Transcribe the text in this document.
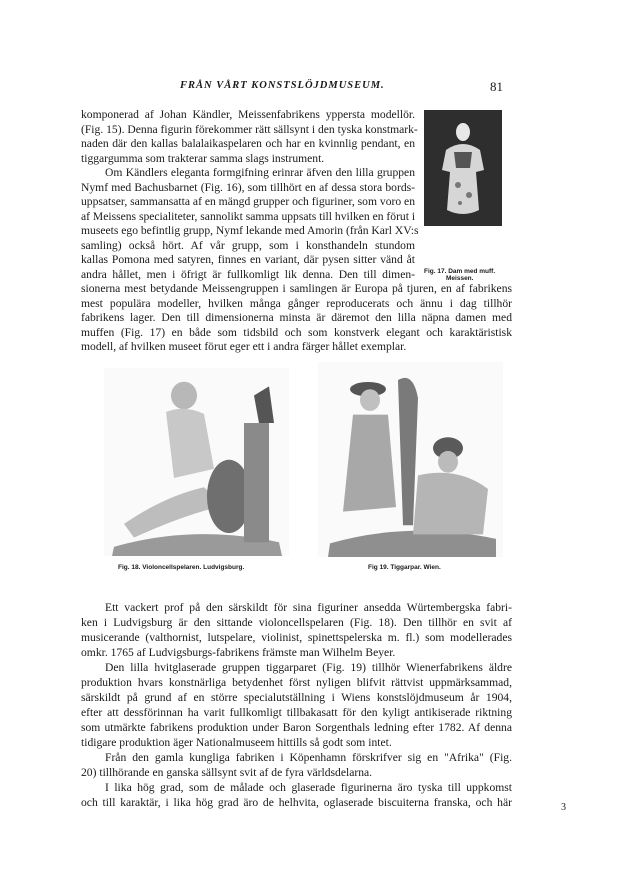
FRÅN VÅRT KONSTSLÖJDMUSEUM.	81
komponerad af Johan Kändler, Meissenfabrikens yppersta modellör.
(Fig. 15). Denna figurin förekommer rätt sällsynt i den tyska konstmark-
naden där den kallas balalaikaspelaren och har en kvinnlig pendant, en
tiggargumma som trakterar samma slags instrument.
Om Kändlers eleganta formgifning erinrar äfven den lilla gruppen
Nymf med Bachusbarnet (Fig. 16), som tillhört en af dessa stora bords-
uppsatser, sammansatta af en mängd grupper och figuriner, som voro en
af Meissens specialiteter, sannolikt samma uppsats till hvilken en förut i
museets ego befintlig grupp, Nymf lekande med Amorin (från Karl XV:s
samling) också hört. Af vår grupp, som i konsthandeln stundom
kallas Pomona med satyren, finnes en variant, där pysen sitter vänd åt
andra hållet, men i öfrigt är fullkomligt lik denna. Den till dimen-
sionerna mest betydande Meissengruppen i samlingen är Europa på tjuren, en af fabrikens
mest populära modeller, hvilken många gånger reproducerats och ännu i dag tillhör
fabrikens lager. Den till dimensionerna minsta är däremot den lilla näpna damen med
muffen (Fig. 17) en både som tidsbild och som konstverk elegant och karaktäristisk
modell, af hvilken museet förut eger ett i andra färger hållet exemplar.
Fig. 17. Dam med muff.
Meissen.
Fig. 18. Violoncellspelaren. Ludvigsburg.	Fig 19. Tiggarpar. Wien.
Ett vackert prof på den särskildt för sina figuriner ansedda Würtembergska fabri-
ken i Ludvigsburg är den sittande violoncellspelaren (Fig. 18). Den tillhör en svit af
musicerande (valthornist, lutspelare, violinist, spinettspelerska m. fl.) som modellerades
omkr. 1765 af Ludvigsburgs-fabrikens främste man Wilhelm Beyer.
Den lilla hvitglaserade gruppen tiggarparet (Fig. 19) tillhör Wienerfabrikens äldre
produktion hvars konstnärliga betydenhet först nyligen blifvit rättvist uppmärksammad,
särskildt på grund af en större specialutställning i Wiens konstslöjdmuseum år 1904,
efter att dessförinnan ha varit fullkomligt tillbakasatt för den kyligt antikiserade riktning
som utmärkte fabrikens produktion under Baron Sorgenthals ledning efter 1782. Af denna
tidigare produktion äger Nationalmuseem hittills så godt som intet.
Från den gamla kungliga fabriken i Köpenhamn förskrifver sig en "Afrika" (Fig.
20) tillhörande en ganska sällsynt svit af de fyra världsdelarna.
I lika hög grad, som de målade och glaserade figurinerna äro tyska till uppkomst
och till karaktär, i lika hög grad äro de helhvita, oglaserade biscuiterna franska, och här	3
